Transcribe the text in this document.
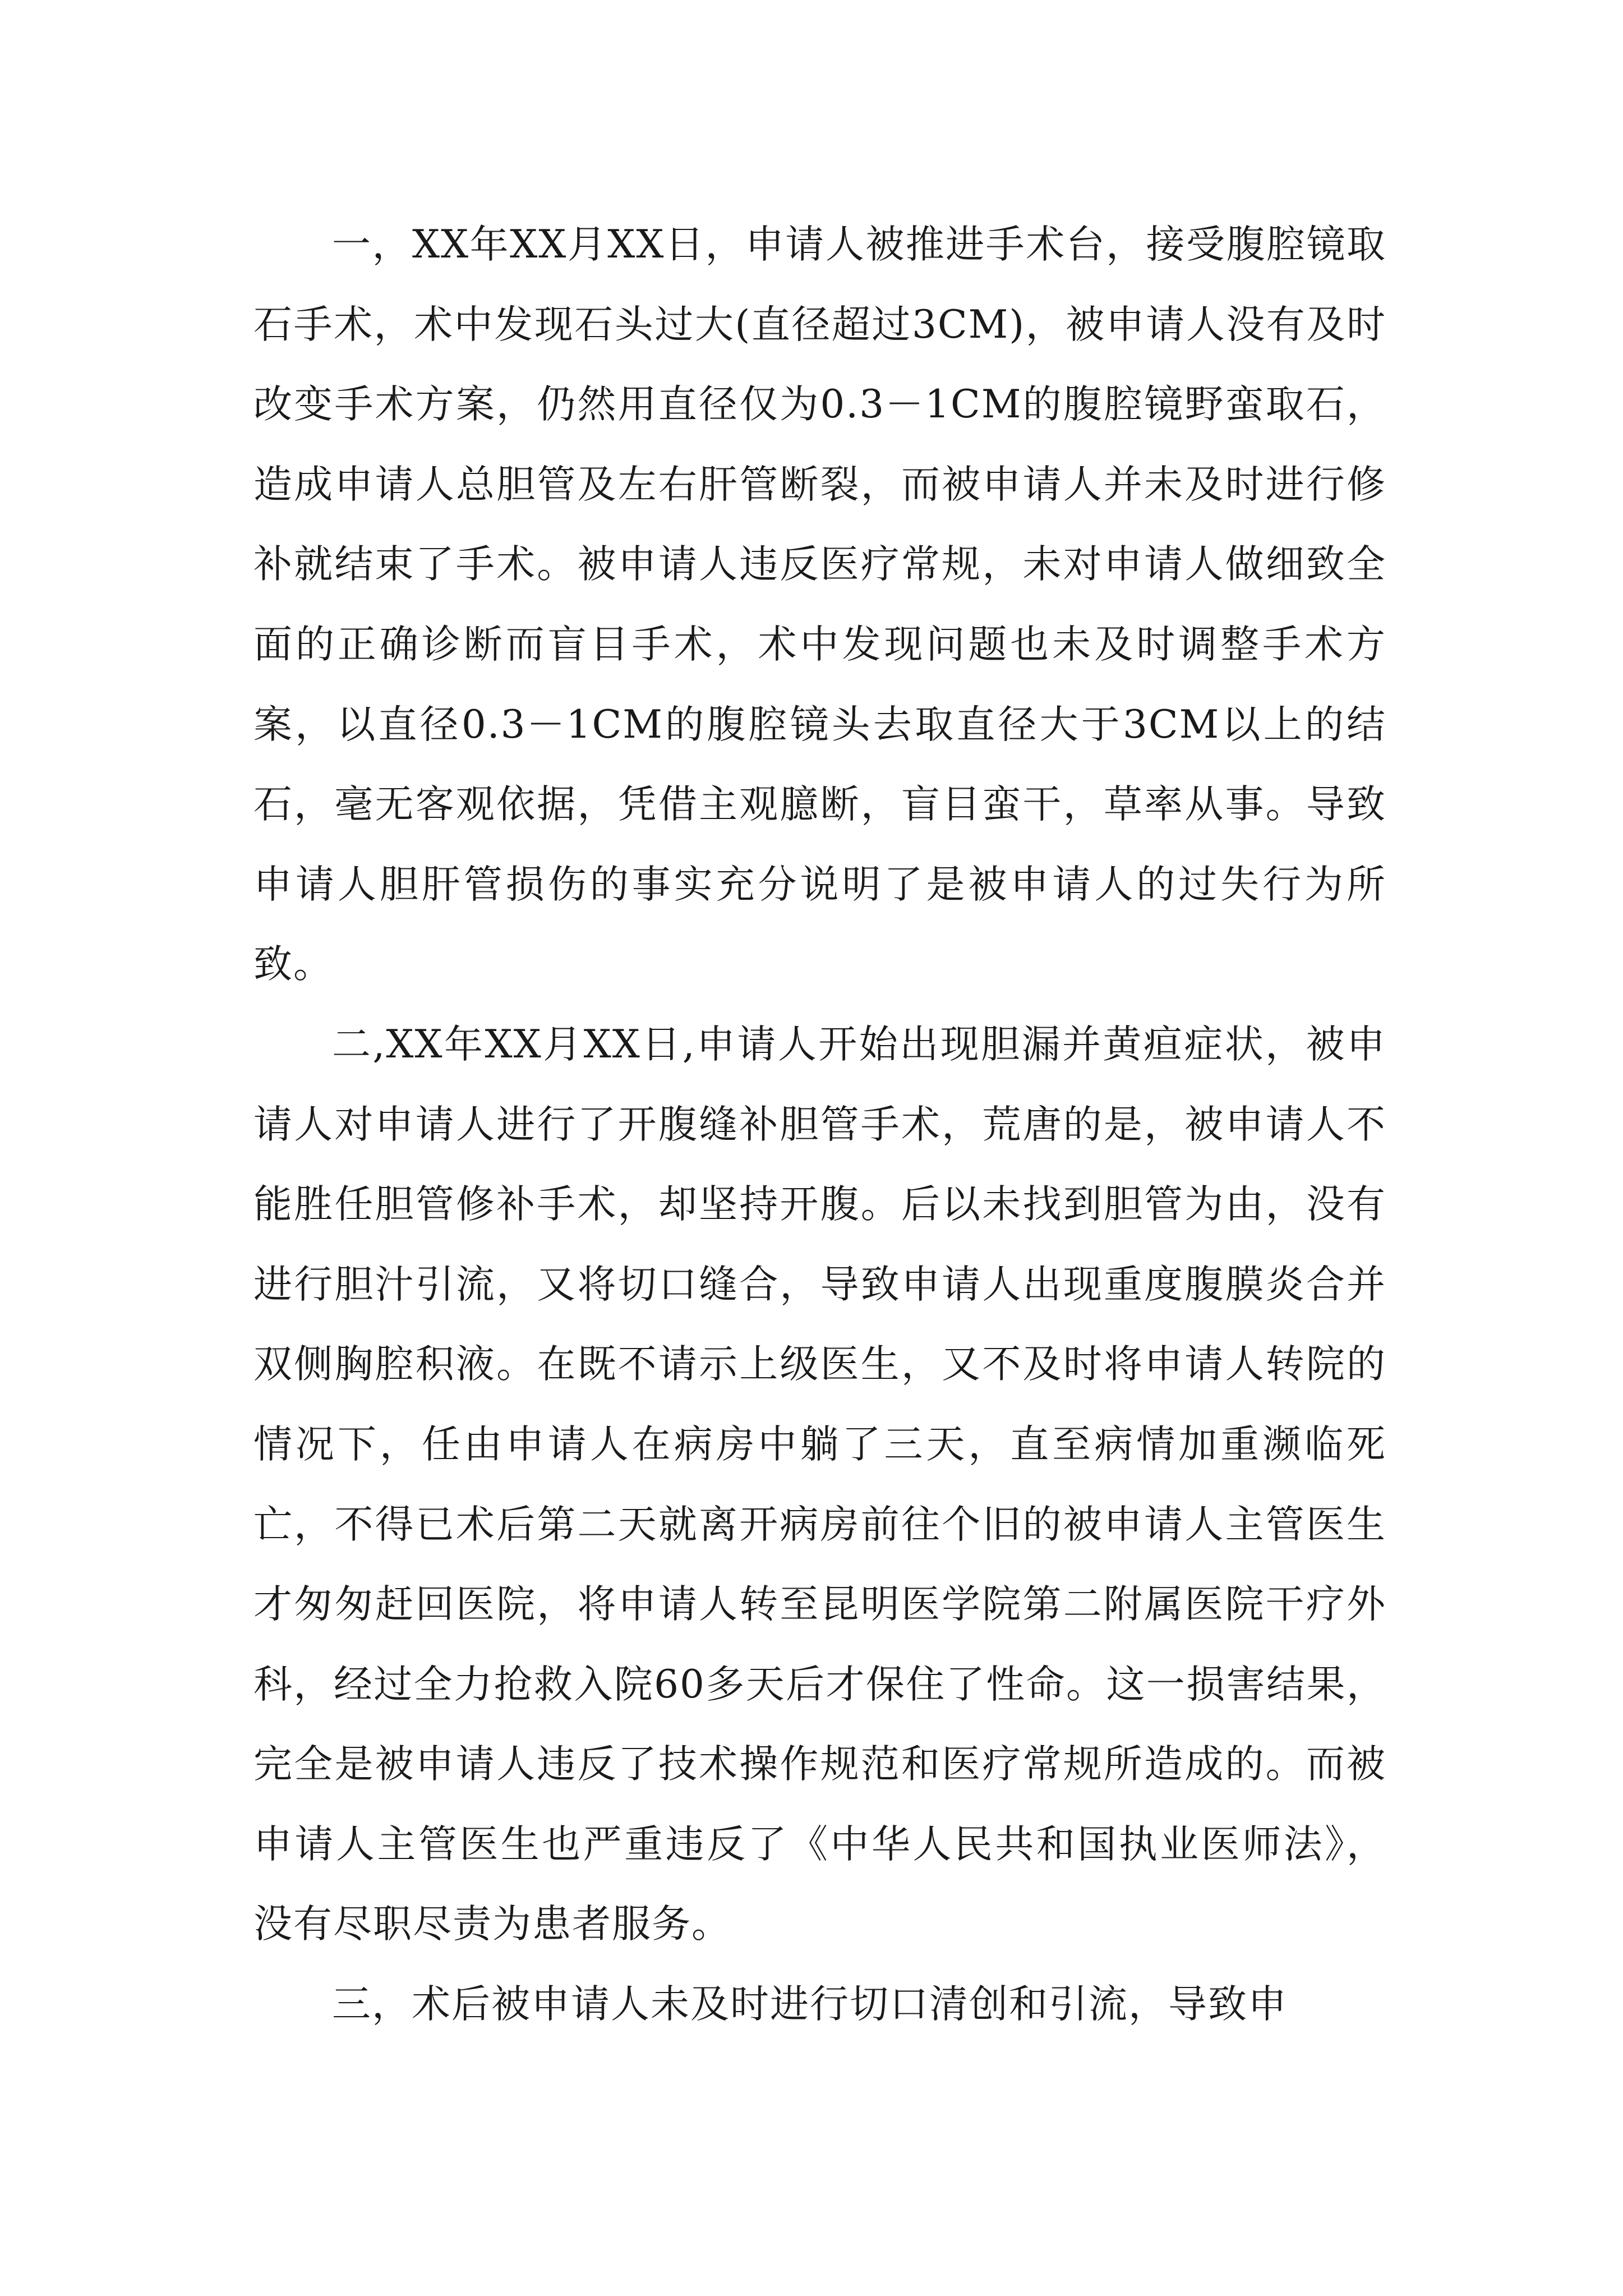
一，XX年XX月XX日，申请人被推进手术台，接受腹腔镜取石手术，术中发现石头过大(直径超过3CM)，被申请人没有及时改变手术方案，仍然用直径仅为0.3－1CM的腹腔镜野蛮取石，造成申请人总胆管及左右肝管断裂，而被申请人并未及时进行修补就结束了手术。被申请人违反医疗常规，未对申请人做细致全面的正确诊断而盲目手术，术中发现问题也未及时调整手术方案，以直径0.3－1CM的腹腔镜头去取直径大于3CM以上的结石，毫无客观依据，凭借主观臆断，盲目蛮干，草率从事。导致申请人胆肝管损伤的事实充分说明了是被申请人的过失行为所致。

二,XX年XX月XX日,申请人开始出现胆漏并黄疸症状，被申请人对申请人进行了开腹缝补胆管手术，荒唐的是，被申请人不能胜任胆管修补手术，却坚持开腹。后以未找到胆管为由，没有进行胆汁引流，又将切口缝合，导致申请人出现重度腹膜炎合并双侧胸腔积液。在既不请示上级医生，又不及时将申请人转院的情况下，任由申请人在病房中躺了三天，直至病情加重濒临死亡，不得已术后第二天就离开病房前往个旧的被申请人主管医生才匆匆赶回医院，将申请人转至昆明医学院第二附属医院干疗外科，经过全力抢救入院60多天后才保住了性命。这一损害结果，完全是被申请人违反了技术操作规范和医疗常规所造成的。而被申请人主管医生也严重违反了《中华人民共和国执业医师法》，没有尽职尽责为患者服务。

三，术后被申请人未及时进行切口清创和引流，导致申
